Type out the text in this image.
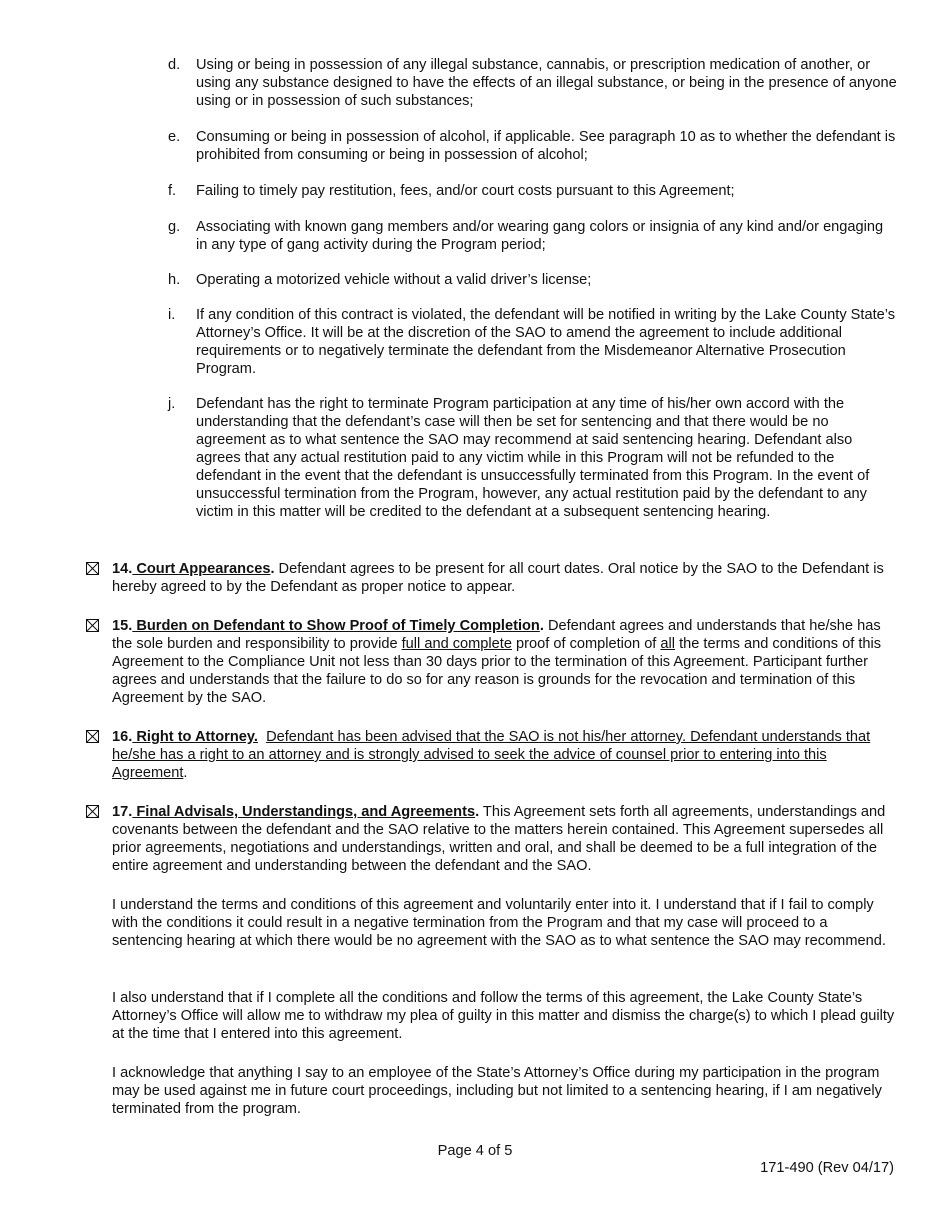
d. Using or being in possession of any illegal substance, cannabis, or prescription medication of another, or using any substance designed to have the effects of an illegal substance, or being in the presence of anyone using or in possession of such substances;
e. Consuming or being in possession of alcohol, if applicable. See paragraph 10 as to whether the defendant is prohibited from consuming or being in possession of alcohol;
f. Failing to timely pay restitution, fees, and/or court costs pursuant to this Agreement;
g. Associating with known gang members and/or wearing gang colors or insignia of any kind and/or engaging in any type of gang activity during the Program period;
h. Operating a motorized vehicle without a valid driver’s license;
i. If any condition of this contract is violated, the defendant will be notified in writing by the Lake County State’s Attorney’s Office. It will be at the discretion of the SAO to amend the agreement to include additional requirements or to negatively terminate the defendant from the Misdemeanor Alternative Prosecution Program.
j. Defendant has the right to terminate Program participation at any time of his/her own accord with the understanding that the defendant’s case will then be set for sentencing and that there would be no agreement as to what sentence the SAO may recommend at said sentencing hearing. Defendant also agrees that any actual restitution paid to any victim while in this Program will not be refunded to the defendant in the event that the defendant is unsuccessfully terminated from this Program. In the event of unsuccessful termination from the Program, however, any actual restitution paid by the defendant to any victim in this matter will be credited to the defendant at a subsequent sentencing hearing.
14. Court Appearances. Defendant agrees to be present for all court dates. Oral notice by the SAO to the Defendant is hereby agreed to by the Defendant as proper notice to appear.
15. Burden on Defendant to Show Proof of Timely Completion. Defendant agrees and understands that he/she has the sole burden and responsibility to provide full and complete proof of completion of all the terms and conditions of this Agreement to the Compliance Unit not less than 30 days prior to the termination of this Agreement. Participant further agrees and understands that the failure to do so for any reason is grounds for the revocation and termination of this Agreement by the SAO.
16. Right to Attorney. Defendant has been advised that the SAO is not his/her attorney. Defendant understands that he/she has a right to an attorney and is strongly advised to seek the advice of counsel prior to entering into this Agreement.
17. Final Advisals, Understandings, and Agreements. This Agreement sets forth all agreements, understandings and covenants between the defendant and the SAO relative to the matters herein contained. This Agreement supersedes all prior agreements, negotiations and understandings, written and oral, and shall be deemed to be a full integration of the entire agreement and understanding between the defendant and the SAO.
I understand the terms and conditions of this agreement and voluntarily enter into it. I understand that if I fail to comply with the conditions it could result in a negative termination from the Program and that my case will proceed to a sentencing hearing at which there would be no agreement with the SAO as to what sentence the SAO may recommend.
I also understand that if I complete all the conditions and follow the terms of this agreement, the Lake County State’s Attorney’s Office will allow me to withdraw my plea of guilty in this matter and dismiss the charge(s) to which I plead guilty at the time that I entered into this agreement.
I acknowledge that anything I say to an employee of the State’s Attorney’s Office during my participation in the program may be used against me in future court proceedings, including but not limited to a sentencing hearing, if I am negatively terminated from the program.
Page 4 of 5
171-490 (Rev 04/17)
